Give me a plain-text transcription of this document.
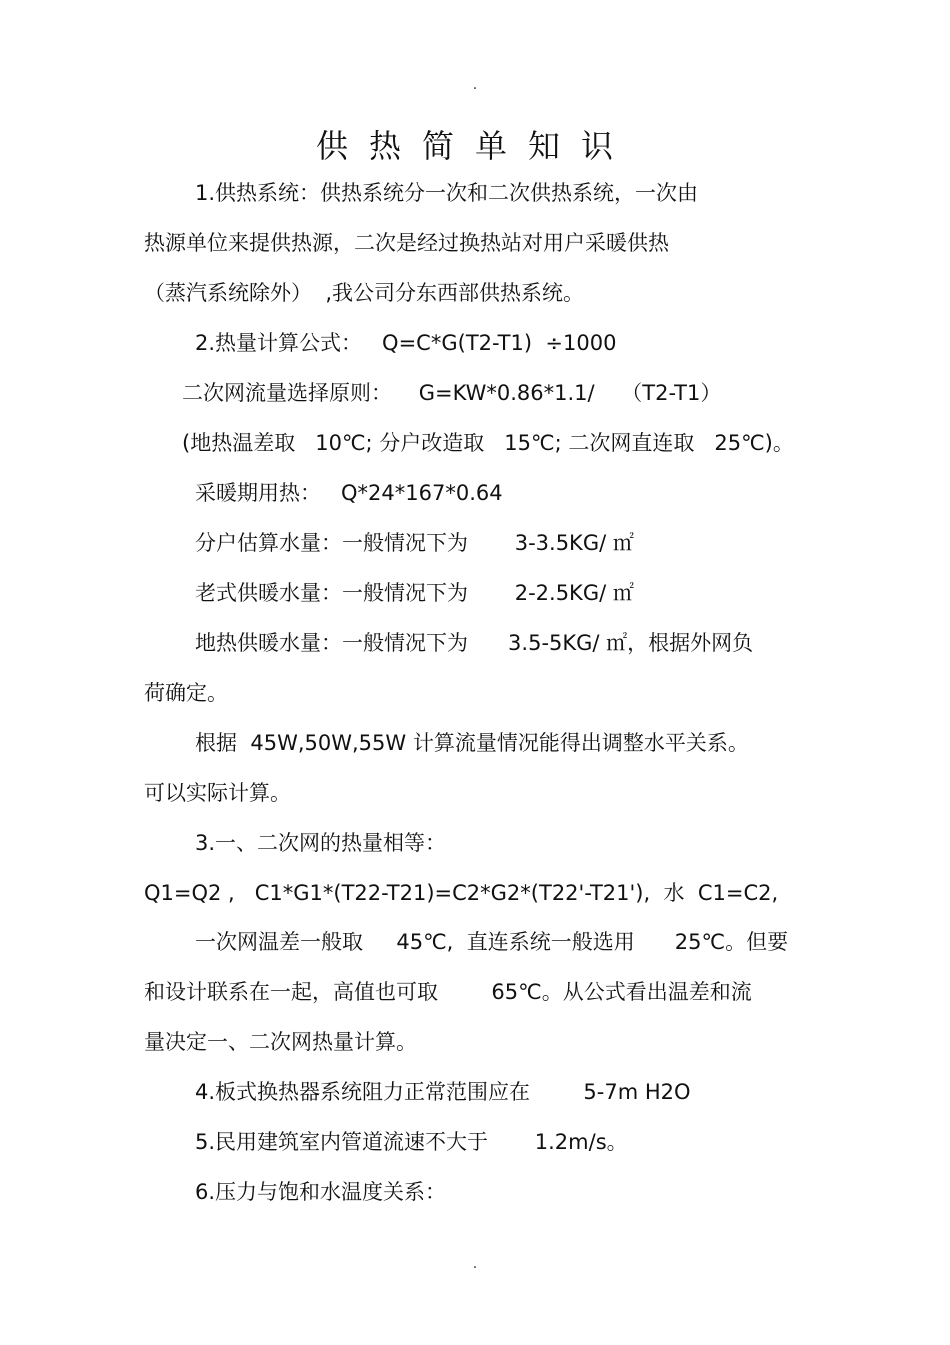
.
供热简单知识
1.供热系统：供热系统分一次和二次供热系统，一次由
热源单位来提供热源，二次是经过换热站对用户采暖供热
（蒸汽系统除外）  ,我公司分东西部供热系统。
2.热量计算公式：   Q=C*G(T2-T1)  ÷1000
二次网流量选择原则：    G=KW*0.86*1.1/    （T2-T1）
(地热温差取   10℃; 分户改造取   15℃; 二次网直连取   25℃)。
采暖期用热：   Q*24*167*0.64
分户估算水量：一般情况下为       3-3.5KG/ ㎡
老式供暖水量：一般情况下为       2-2.5KG/ ㎡
地热供暖水量：一般情况下为      3.5-5KG/ ㎡，根据外网负
荷确定。
根据  45W,50W,55W 计算流量情况能得出调整水平关系。
可以实际计算。
3.一、二次网的热量相等：
Q1=Q2 ,   C1*G1*(T22-T21)=C2*G2*(T22'-T21'),  水  C1=C2,
一次网温差一般取     45℃,  直连系统一般选用      25℃。但要
和设计联系在一起，高值也可取        65℃。从公式看出温差和流
量决定一、二次网热量计算。
4.板式换热器系统阻力正常范围应在        5-7m H2O
5.民用建筑室内管道流速不大于       1.2m/s。
6.压力与饱和水温度关系：
.
